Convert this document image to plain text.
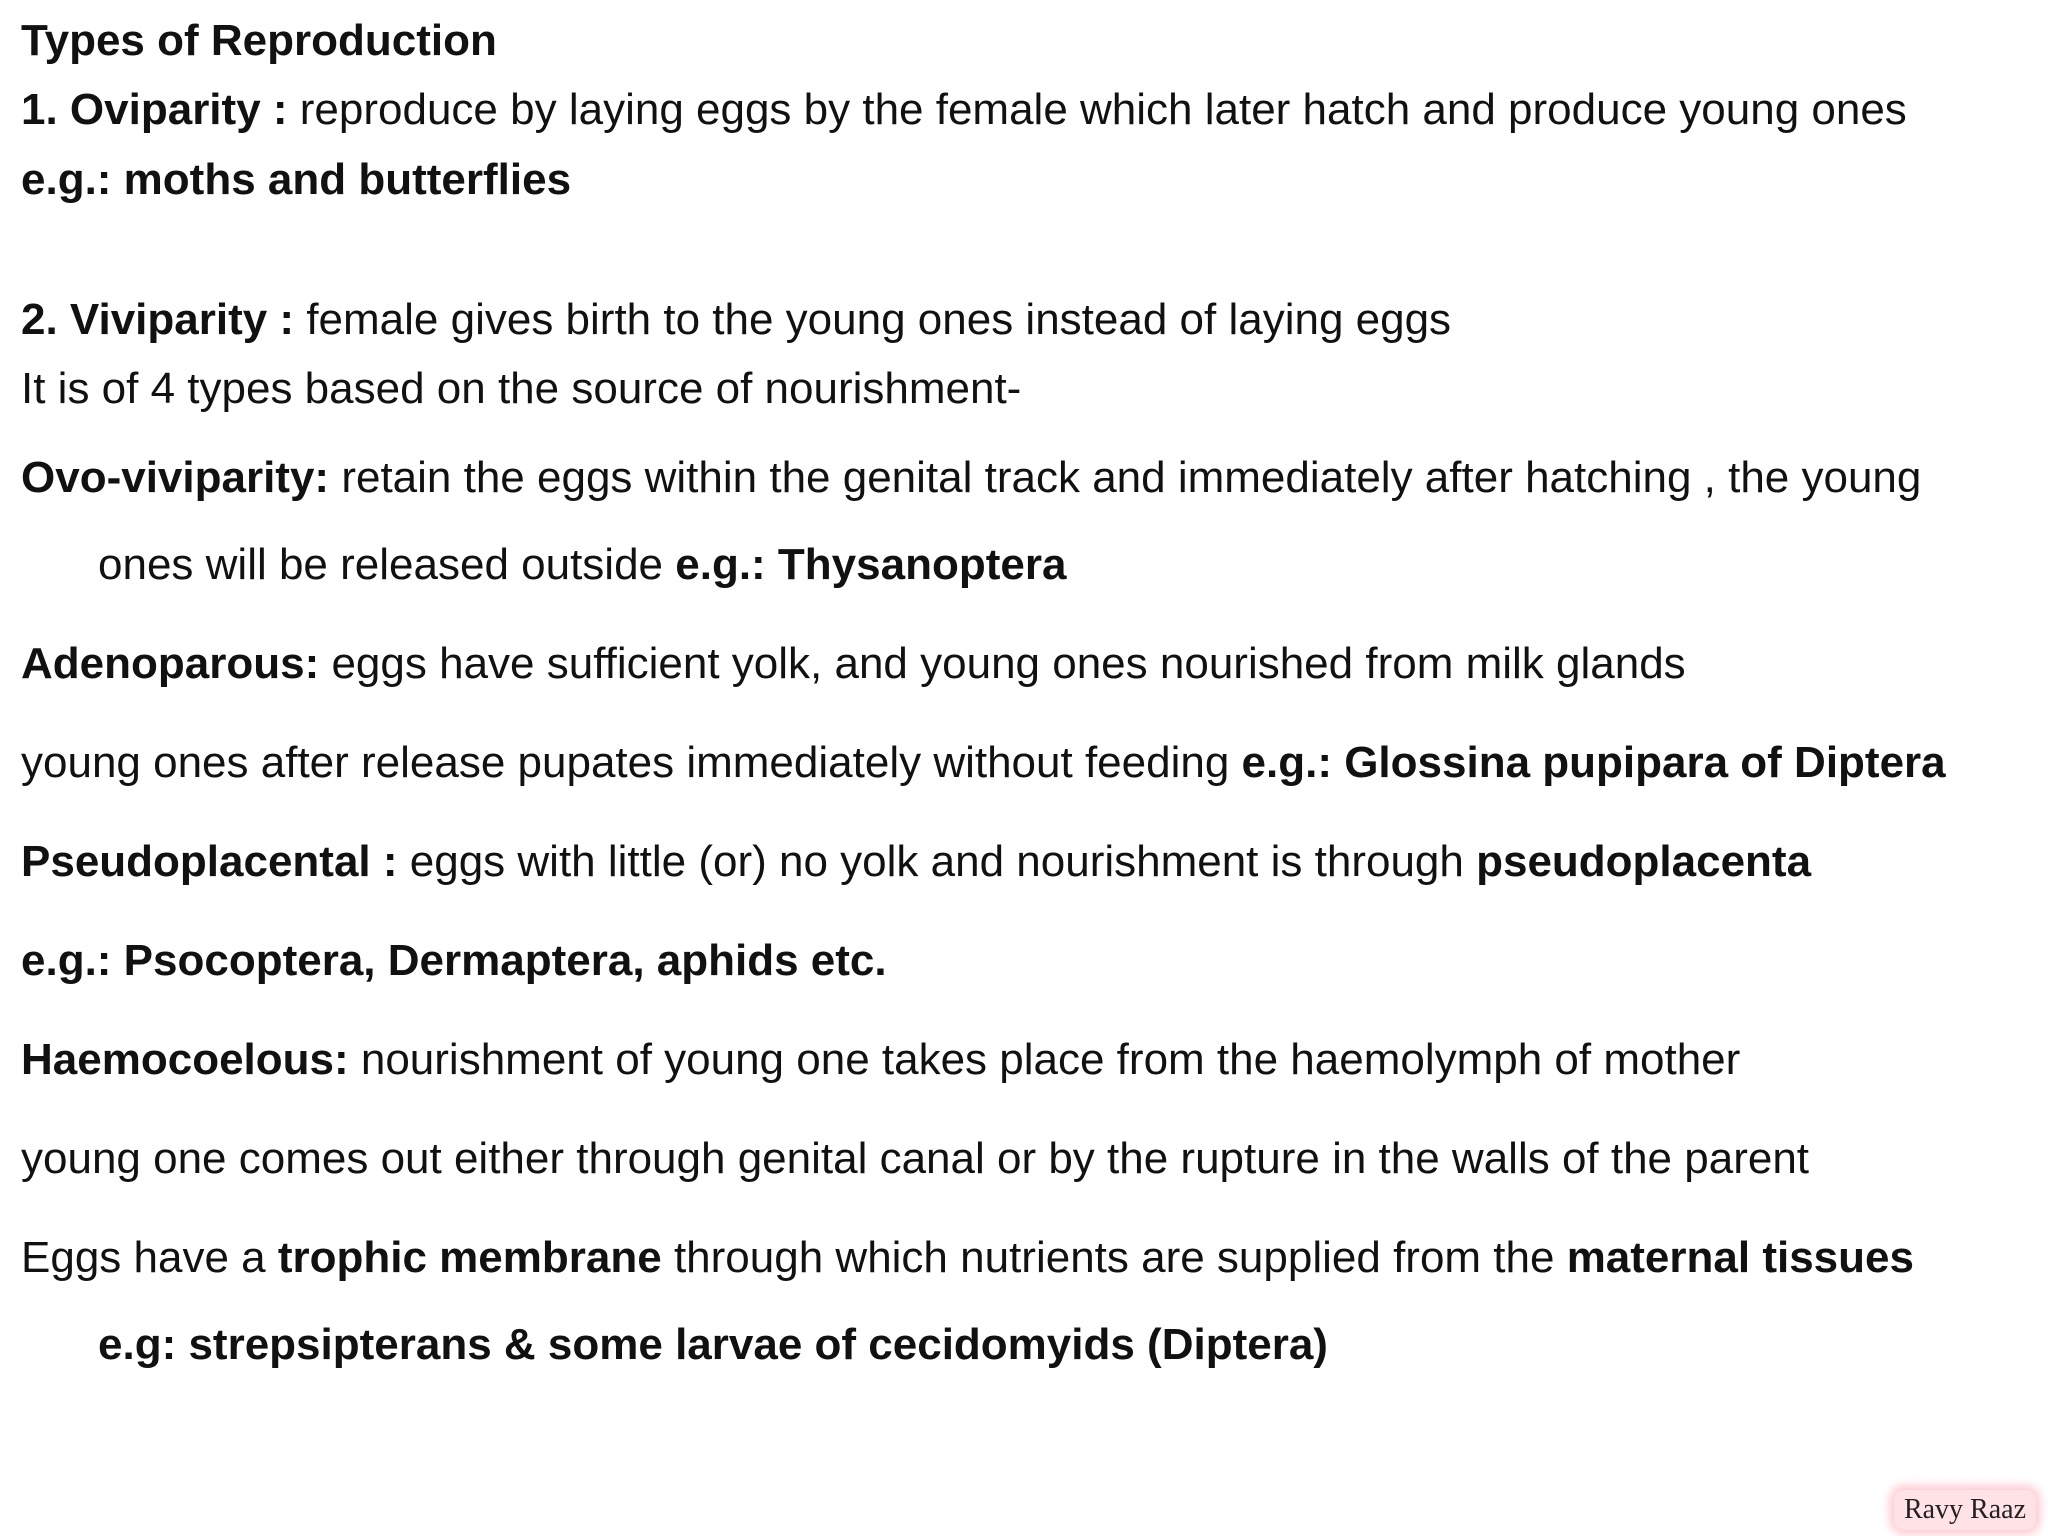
Types of Reproduction
1. Oviparity : reproduce by laying eggs by the female which later hatch and produce young ones
e.g.: moths and butterflies
2. Viviparity : female gives birth to the young ones instead of laying eggs
It is of 4 types based on the source of nourishment-
Ovo-viviparity: retain the eggs within the genital track and immediately after hatching , the young
ones will be released outside e.g.: Thysanoptera
Adenoparous: eggs have sufficient yolk, and young ones nourished from milk glands
young ones after release pupates immediately without feeding e.g.: Glossina pupipara of Diptera
Pseudoplacental : eggs with little (or) no yolk and nourishment is through pseudoplacenta
e.g.: Psocoptera, Dermaptera, aphids etc.
Haemocoelous: nourishment of young one takes place from the haemolymph of mother
young one comes out either through genital canal or by the rupture in the walls of the parent
Eggs have a trophic membrane through which nutrients are supplied from the maternal tissues
e.g: strepsipterans & some larvae of cecidomyids (Diptera)
Ravy Raaz
